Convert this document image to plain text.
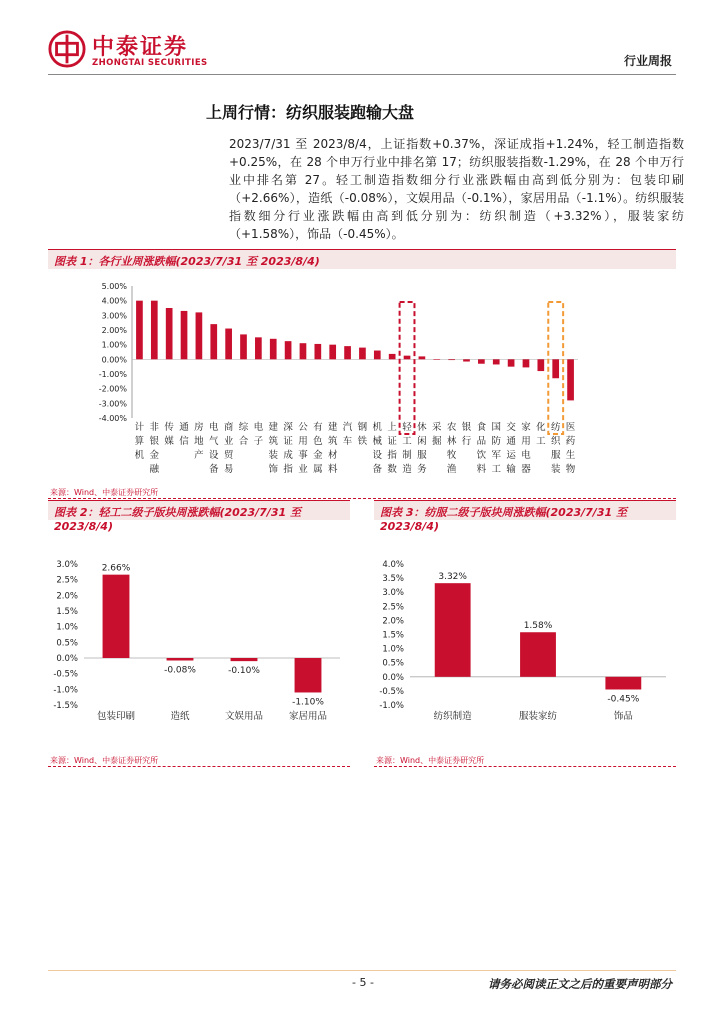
中泰证券
ZHONGTAI SECURITIES	行业周报
上周行情：纺织服装跑输大盘
2023/7/31 至 2023/8/4，上证指数+0.37%，深证成指+1.24%，轻工制造指数+0.25%，在 28 个申万行业中排名第 17；纺织服装指数-1.29%，在 28 个申万行业中排名第 27。轻工制造指数细分行业涨跌幅由高到低分别为：包装印刷（+2.66%），造纸（-0.08%），文娱用品（-0.1%），家居用品（-1.1%）。纺织服装指数细分行业涨跌幅由高到低分别为：纺织制造（+3.32%），服装家纺（+1.58%），饰品（-0.45%）。
图表 1：各行业周涨跌幅(2023/7/31 至 2023/8/4)
5.00%
4.00%
3.00%
2.00%
1.00%
0.00%
-1.00%
-2.00%
-3.00%
-4.00%
计
算
机
非
银
金
融
传
媒
通
信
房
地
产
电
气
设
备
商
业
贸
易
综
合
电
子
建
筑
装
饰
深
证
成
指
公
用
事
业
有
色
金
属
建
筑
材
料
汽
车
钢
铁
机
械
设
备
上
证
指
数
轻
工
制
造
休
闲
服
务
采
掘
农
林
牧
渔
银
行
食
品
饮
料
国
防
军
工
交
通
运
输
家
用
电
器
化
工
纺
织
服
装
医
药
生
物
来源：Wind、中泰证券研究所
图表 2：轻工二级子版块周涨跌幅(2023/7/31 至 2023/8/4)
3.0%
2.5%
2.0%
1.5%
1.0%
0.5%
0.0%
-0.5%
-1.0%
-1.5%
2.66%
包装印刷
-0.08%
造纸
-0.10%
文娱用品
-1.10%
家居用品
来源：Wind、中泰证券研究所
图表 3：纺服二级子版块周涨跌幅(2023/7/31 至 2023/8/4)
4.0%
3.5%
3.0%
2.5%
2.0%
1.5%
1.0%
0.5%
0.0%
-0.5%
-1.0%
3.32%
纺织制造
1.58%
服装家纺
-0.45%
饰品
来源：Wind、中泰证券研究所
- 5 -	请务必阅读正文之后的重要声明部分
